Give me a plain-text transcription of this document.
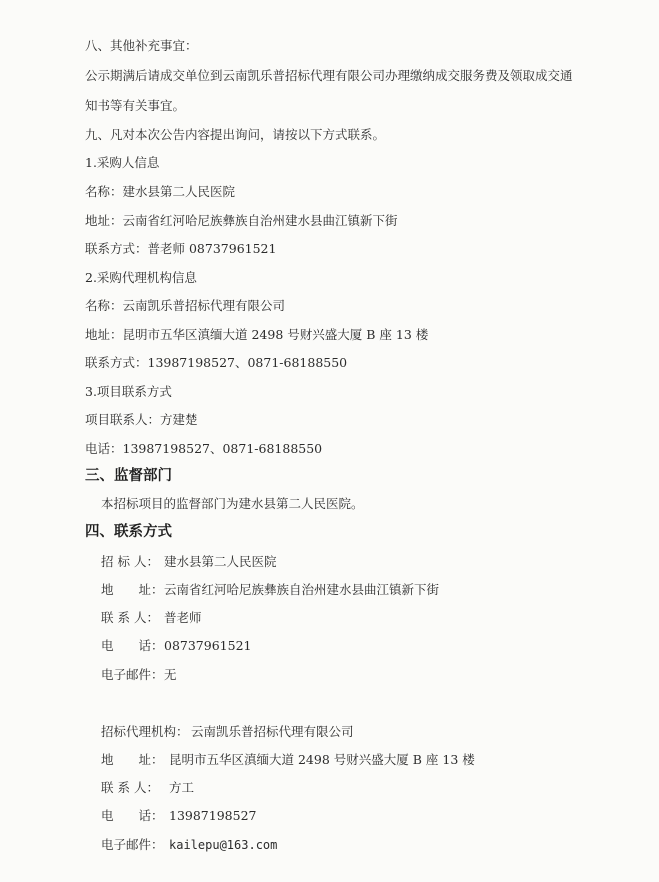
八、其他补充事宜：
公示期满后请成交单位到云南凯乐普招标代理有限公司办理缴纳成交服务费及领取成交通
知书等有关事宜。
九、凡对本次公告内容提出询问，请按以下方式联系。
1.采购人信息
名称：建水县第二人民医院
地址：云南省红河哈尼族彝族自治州建水县曲江镇新下街
联系方式：普老师 08737961521
2.采购代理机构信息
名称：云南凯乐普招标代理有限公司
地址：昆明市五华区滇缅大道 2498 号财兴盛大厦 B 座 13 楼
联系方式：13987198527、0871-68188550
3.项目联系方式
项目联系人：方建楚
电话：13987198527、0871-68188550
三、监督部门
本招标项目的监督部门为建水县第二人民医院。
四、联系方式
招 标 人： 建水县第二人民医院
地　　址： 云南省红河哈尼族彝族自治州建水县曲江镇新下街
联 系 人： 普老师
电　　话： 08737961521
电子邮件： 无
招标代理机构： 云南凯乐普招标代理有限公司
地　　址： 昆明市五华区滇缅大道 2498 号财兴盛大厦 B 座 13 楼
联 系 人： 方工
电　　话： 13987198527
电子邮件： kailepu@163.com
